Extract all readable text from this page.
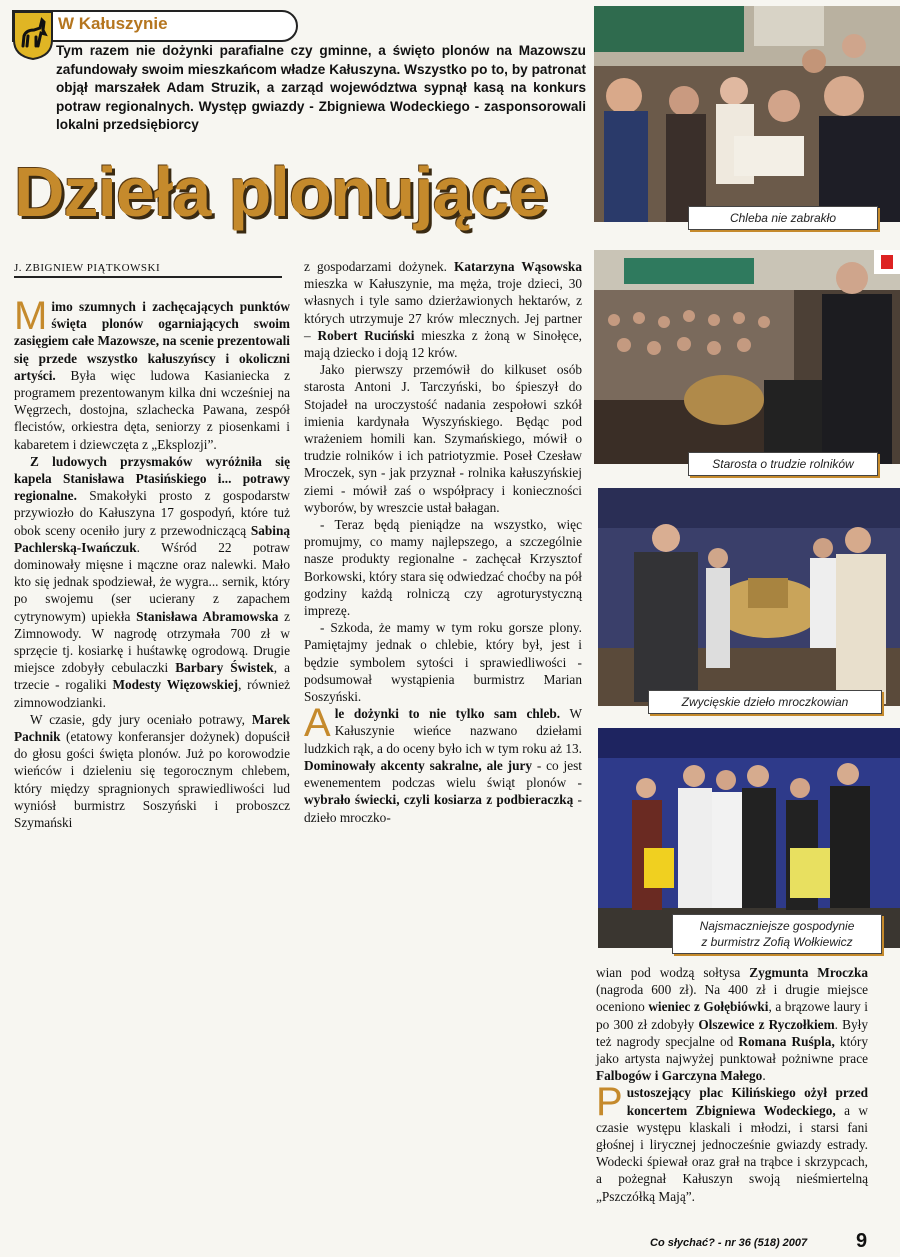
W Kałuszynie
Tym razem nie dożynki parafialne czy gminne, a święto plonów na Mazowszu zafundowały swoim mieszkańcom władze Kałuszyna. Wszystko po to, by patronat objął marszałek Adam Struzik, a zarząd województwa sypnął kasą na konkurs potraw regionalnych. Występ gwiazdy - Zbigniewa Wodeckiego - zasponsorowali lokalni przedsiębiorcy
Dzieła plonujące
J. ZBIGNIEW PIĄTKOWSKI

Mimo szumnych i zachęcających punktów święta plonów ogarniających swoim zasięgiem całe Mazowsze, na scenie prezentowali się przede wszystko kałuszyńscy i okoliczni artyści. Była więc ludowa Kasianiecka z programem prezentowanym kilka dni wcześniej na Węgrzech, dostojna, szlachecka Pawana, zespół flecistów, orkiestra dęta, seniorzy z piosenkami i kabaretem i dziewczęta z „Eksplozji”.

Z ludowych przysmaków wyróżniła się kapela Stanisława Ptasińskiego i... potrawy regionalne. Smakołyki prosto z gospodarstw przywiozło do Kałuszyna 17 gospodyń, które tuż obok sceny oceniło jury z przewodniczącą Sabiną Pachlerską-Iwańczuk. Wśród 22 potraw dominowały mięsne i mączne oraz nalewki. Mało kto się jednak spodziewał, że wygra... sernik, który po swojemu (ser ucierany z zapachem cytrynowym) upiekła Stanisława Abramowska z Zimnowody. W nagrodę otrzymała 700 zł w sprzęcie tj. kosiarkę i huśtawkę ogrodową. Drugie miejsce zdobyły cebulaczki Barbary Świstek, a trzecie - rogaliki Modesty Więzowskiej, również zimnowodzianki.

W czasie, gdy jury oceniało potrawy, Marek Pachnik (etatowy konferansjer dożynek) dopuścił do głosu gości święta plonów. Już po korowodzie wieńców i dzieleniu się tegorocznym chlebem, który między spragnionych sprawiedliwości lud wyniósł burmistrz Soszyński i proboszcz Szymański

z gospodarzami dożynek. Katarzyna Wąsowska mieszka w Kałuszynie, ma męża, troje dzieci, 30 własnych i tyle samo dzierżawionych hektarów, z których utrzymuje 27 krów mlecznych. Jej partner – Robert Ruciński mieszka z żoną w Sinołęce, mają dziecko i doją 12 krów.

Jako pierwszy przemówił do kilkuset osób starosta Antoni J. Tarczyński, bo śpieszył do Stojadeł na uroczystość nadania zespołowi szkół imienia kardynała Wyszyńskiego. Będąc pod wrażeniem homili kan. Szymańskiego, mówił o trudzie rolników i ich patriotyzmie. Poseł Czesław Mroczek, syn - jak przyznał - rolnika kałuszyńskiej ziemi - mówił zaś o współpracy i konieczności wyborów, by wreszcie ustał bałagan.

- Teraz będą pieniądze na wszystko, więc promujmy, co mamy najlepszego, a szczególnie nasze produkty regionalne - zachęcał Krzysztof Borkowski, który stara się odwiedzać choćby na pół godziny każdą rolniczą czy agroturystyczną imprezę.

- Szkoda, że mamy w tym roku gorsze plony. Pamiętajmy jednak o chlebie, który był, jest i będzie symbolem sytości i sprawiedliwości - podsumował wystąpienia burmistrz Marian Soszyński.

Ale dożynki to nie tylko sam chleb. W Kałuszynie wieńce nazwano dziełami ludzkich rąk, a do oceny było ich w tym roku aż 13. Dominowały akcenty sakralne, ale jury - co jest ewenementem podczas wielu świąt plonów - wybrało świecki, czyli kosiarza z podbieraczką - dzieło mroczko-

wian pod wodzą sołtysa Zygmunta Mroczka (nagroda 600 zł). Na 400 zł i drugie miejsce oceniono wieniec z Gołębiówki, a brązowe laury i po 300 zł zdobyły Olszewice z Ryczołkiem. Były też nagrody specjalne od Romana Ruśpla, który jako artysta najwyżej punktował pożniwne prace Falbogów i Garczyna Małego.

Pustoszejący plac Kilińskiego ożył przed koncertem Zbigniewa Wodeckiego, a w czasie występu klaskali i młodzi, i starsi fani głośnej i lirycznej jednocześnie gwiazdy estrady. Wodecki śpiewał oraz grał na trąbce i skrzypcach, a pożegnał Kałuszyn swoją nieśmiertelną „Pszczółką Mają”.

Chleba nie zabrakło
Starosta o trudzie rolników
Zwycięskie dzieło mroczkowian
Najsmaczniejsze gospodynie
z burmistrz Zofią Wołkiewicz
Co słychać? - nr 36 (518) 2007 9
